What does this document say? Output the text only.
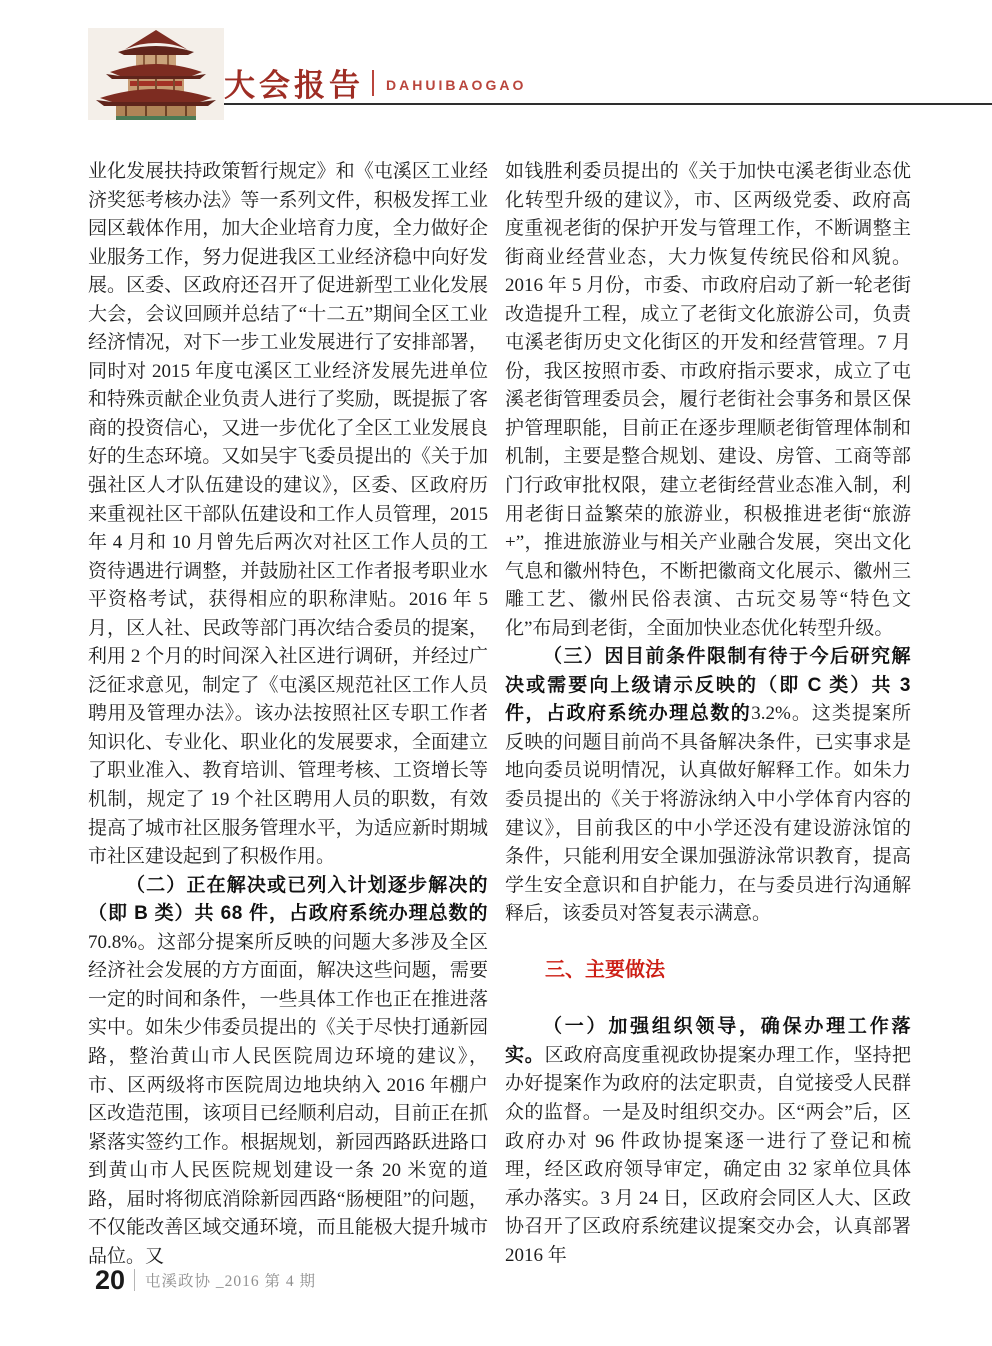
大会报告 DAHUIBAOGAO

业化发展扶持政策暂行规定》和《屯溪区工业经济奖惩考核办法》等一系列文件，积极发挥工业园区载体作用，加大企业培育力度，全力做好企业服务工作，努力促进我区工业经济稳中向好发展。区委、区政府还召开了促进新型工业化发展大会，会议回顾并总结了“十二五”期间全区工业经济情况，对下一步工业发展进行了安排部署，同时对 2015 年度屯溪区工业经济发展先进单位和特殊贡献企业负责人进行了奖励，既提振了客商的投资信心，又进一步优化了全区工业发展良好的生态环境。又如吴宇飞委员提出的《关于加强社区人才队伍建设的建议》，区委、区政府历来重视社区干部队伍建设和工作人员管理，2015 年 4 月和 10 月曾先后两次对社区工作人员的工资待遇进行调整，并鼓励社区工作者报考职业水平资格考试，获得相应的职称津贴。2016 年 5 月，区人社、民政等部门再次结合委员的提案，利用 2 个月的时间深入社区进行调研，并经过广泛征求意见，制定了《屯溪区规范社区工作人员聘用及管理办法》。该办法按照社区专职工作者知识化、专业化、职业化的发展要求，全面建立了职业准入、教育培训、管理考核、工资增长等机制，规定了 19 个社区聘用人员的职数，有效提高了城市社区服务管理水平，为适应新时期城市社区建设起到了积极作用。

（二）正在解决或已列入计划逐步解决的（即 B 类）共 68 件，占政府系统办理总数的70.8%。这部分提案所反映的问题大多涉及全区经济社会发展的方方面面，解决这些问题，需要一定的时间和条件，一些具体工作也正在推进落实中。如朱少伟委员提出的《关于尽快打通新园路，整治黄山市人民医院周边环境的建议》，市、区两级将市医院周边地块纳入 2016 年棚户区改造范围，该项目已经顺利启动，目前正在抓紧落实签约工作。根据规划，新园西路跃进路口到黄山市人民医院规划建设一条 20 米宽的道路，届时将彻底消除新园西路“肠梗阻”的问题，不仅能改善区域交通环境，而且能极大提升城市品位。又

如钱胜利委员提出的《关于加快屯溪老街业态优化转型升级的建议》，市、区两级党委、政府高度重视老街的保护开发与管理工作，不断调整主街商业经营业态，大力恢复传统民俗和风貌。2016 年 5 月份，市委、市政府启动了新一轮老街改造提升工程，成立了老街文化旅游公司，负责屯溪老街历史文化街区的开发和经营管理。7 月份，我区按照市委、市政府指示要求，成立了屯溪老街管理委员会，履行老街社会事务和景区保护管理职能，目前正在逐步理顺老街管理体制和机制，主要是整合规划、建设、房管、工商等部门行政审批权限，建立老街经营业态准入制，利用老街日益繁荣的旅游业，积极推进老街“旅游 +”，推进旅游业与相关产业融合发展，突出文化气息和徽州特色，不断把徽商文化展示、徽州三雕工艺、徽州民俗表演、古玩交易等“特色文化”布局到老街，全面加快业态优化转型升级。

（三）因目前条件限制有待于今后研究解决或需要向上级请示反映的（即 C 类）共 3 件，占政府系统办理总数的3.2%。这类提案所反映的问题目前尚不具备解决条件，已实事求是地向委员说明情况，认真做好解释工作。如朱力委员提出的《关于将游泳纳入中小学体育内容的建议》，目前我区的中小学还没有建设游泳馆的条件，只能利用安全课加强游泳常识教育，提高学生安全意识和自护能力，在与委员进行沟通解释后，该委员对答复表示满意。

三、主要做法

（一）加强组织领导，确保办理工作落实。区政府高度重视政协提案办理工作，坚持把办好提案作为政府的法定职责，自觉接受人民群众的监督。一是及时组织交办。区“两会”后，区政府办对 96 件政协提案逐一进行了登记和梳理，经区政府领导审定，确定由 32 家单位具体承办落实。3 月 24 日，区政府会同区人大、区政协召开了区政府系统建议提案交办会，认真部署 2016 年

20 屯溪政协 _2016 第 4 期
